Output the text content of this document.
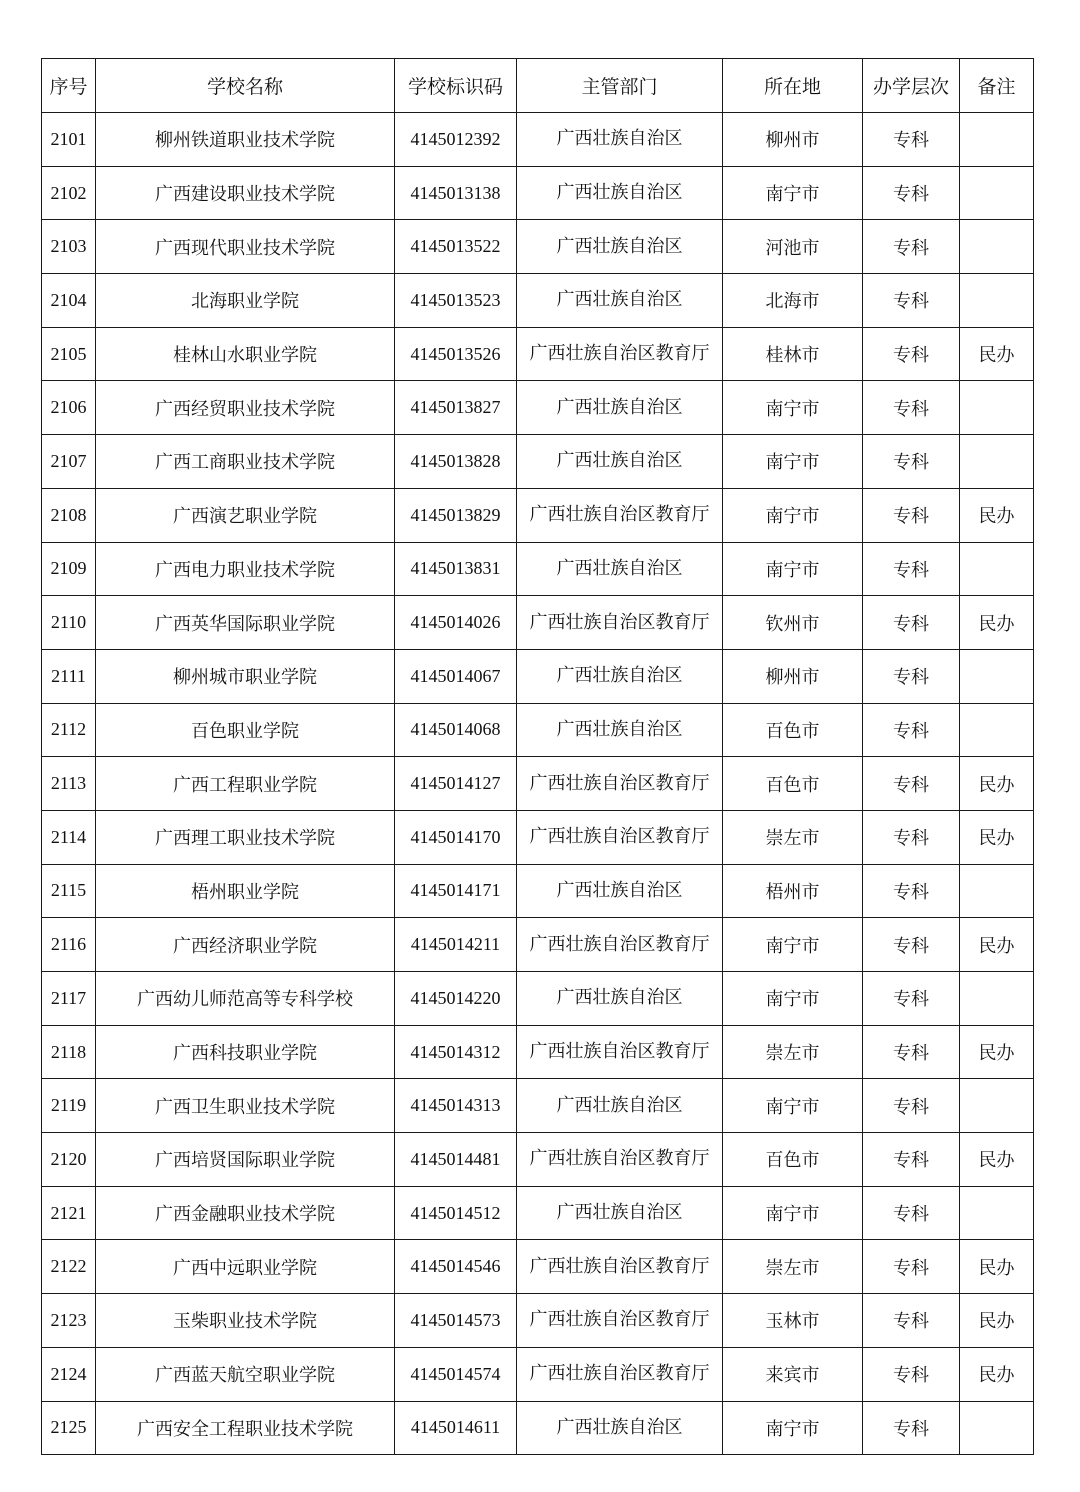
序号	学校名称	学校标识码	主管部门	所在地	办学层次	备注
2101	柳州铁道职业技术学院	4145012392	广西壮族自治区	柳州市	专科	
2102	广西建设职业技术学院	4145013138	广西壮族自治区	南宁市	专科	
2103	广西现代职业技术学院	4145013522	广西壮族自治区	河池市	专科	
2104	北海职业学院	4145013523	广西壮族自治区	北海市	专科	
2105	桂林山水职业学院	4145013526	广西壮族自治区教育厅	桂林市	专科	民办
2106	广西经贸职业技术学院	4145013827	广西壮族自治区	南宁市	专科	
2107	广西工商职业技术学院	4145013828	广西壮族自治区	南宁市	专科	
2108	广西演艺职业学院	4145013829	广西壮族自治区教育厅	南宁市	专科	民办
2109	广西电力职业技术学院	4145013831	广西壮族自治区	南宁市	专科	
2110	广西英华国际职业学院	4145014026	广西壮族自治区教育厅	钦州市	专科	民办
2111	柳州城市职业学院	4145014067	广西壮族自治区	柳州市	专科	
2112	百色职业学院	4145014068	广西壮族自治区	百色市	专科	
2113	广西工程职业学院	4145014127	广西壮族自治区教育厅	百色市	专科	民办
2114	广西理工职业技术学院	4145014170	广西壮族自治区教育厅	崇左市	专科	民办
2115	梧州职业学院	4145014171	广西壮族自治区	梧州市	专科	
2116	广西经济职业学院	4145014211	广西壮族自治区教育厅	南宁市	专科	民办
2117	广西幼儿师范高等专科学校	4145014220	广西壮族自治区	南宁市	专科	
2118	广西科技职业学院	4145014312	广西壮族自治区教育厅	崇左市	专科	民办
2119	广西卫生职业技术学院	4145014313	广西壮族自治区	南宁市	专科	
2120	广西培贤国际职业学院	4145014481	广西壮族自治区教育厅	百色市	专科	民办
2121	广西金融职业技术学院	4145014512	广西壮族自治区	南宁市	专科	
2122	广西中远职业学院	4145014546	广西壮族自治区教育厅	崇左市	专科	民办
2123	玉柴职业技术学院	4145014573	广西壮族自治区教育厅	玉林市	专科	民办
2124	广西蓝天航空职业学院	4145014574	广西壮族自治区教育厅	来宾市	专科	民办
2125	广西安全工程职业技术学院	4145014611	广西壮族自治区	南宁市	专科	
